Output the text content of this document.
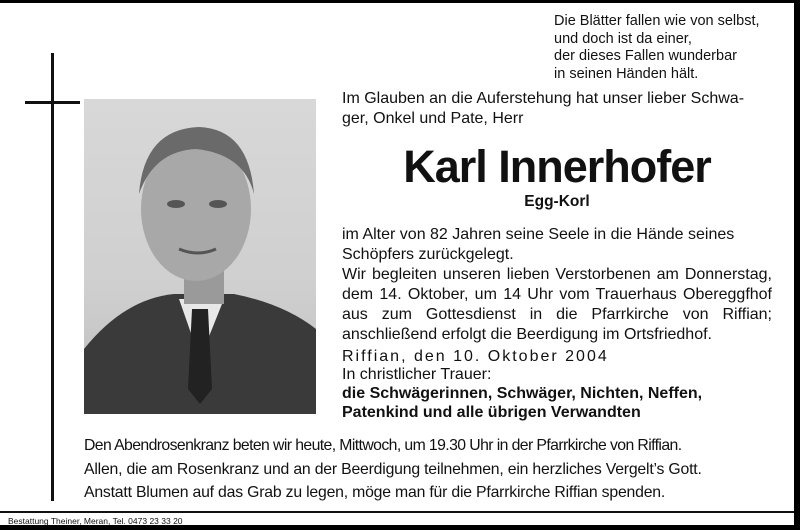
Die Blätter fallen wie von selbst,
und doch ist da einer,
der dieses Fallen wunderbar
in seinen Händen hält.
Im Glauben an die Auferstehung hat unser lieber Schwa-
ger, Onkel und Pate, Herr
Karl Innerhofer
Egg-Korl

im Alter von 82 Jahren seine Seele in die Hände seines Schöpfers zurückgelegt.

Wir begleiten unseren lieben Verstorbenen am Donnerstag, dem 14. Oktober, um 14 Uhr vom Trauerhaus Obereggfhof aus zum Gottesdienst in die Pfarrkirche von Riffian; anschließend erfolgt die Beerdigung im Ortsfriedhof.

Riffian, den 10. Oktober 2004

In christlicher Trauer:
die Schwägerinnen, Schwäger, Nichten, Neffen,
Patenkind und alle übrigen Verwandten
Den Abendrosenkranz beten wir heute, Mittwoch, um 19.30 Uhr in der Pfarrkirche von Riffian.
Allen, die am Rosenkranz und an der Beerdigung teilnehmen, ein herzliches Vergelt’s Gott.
Anstatt Blumen auf das Grab zu legen, möge man für die Pfarrkirche Riffian spenden.
Bestattung Theiner, Meran, Tel. 0473 23 33 20
